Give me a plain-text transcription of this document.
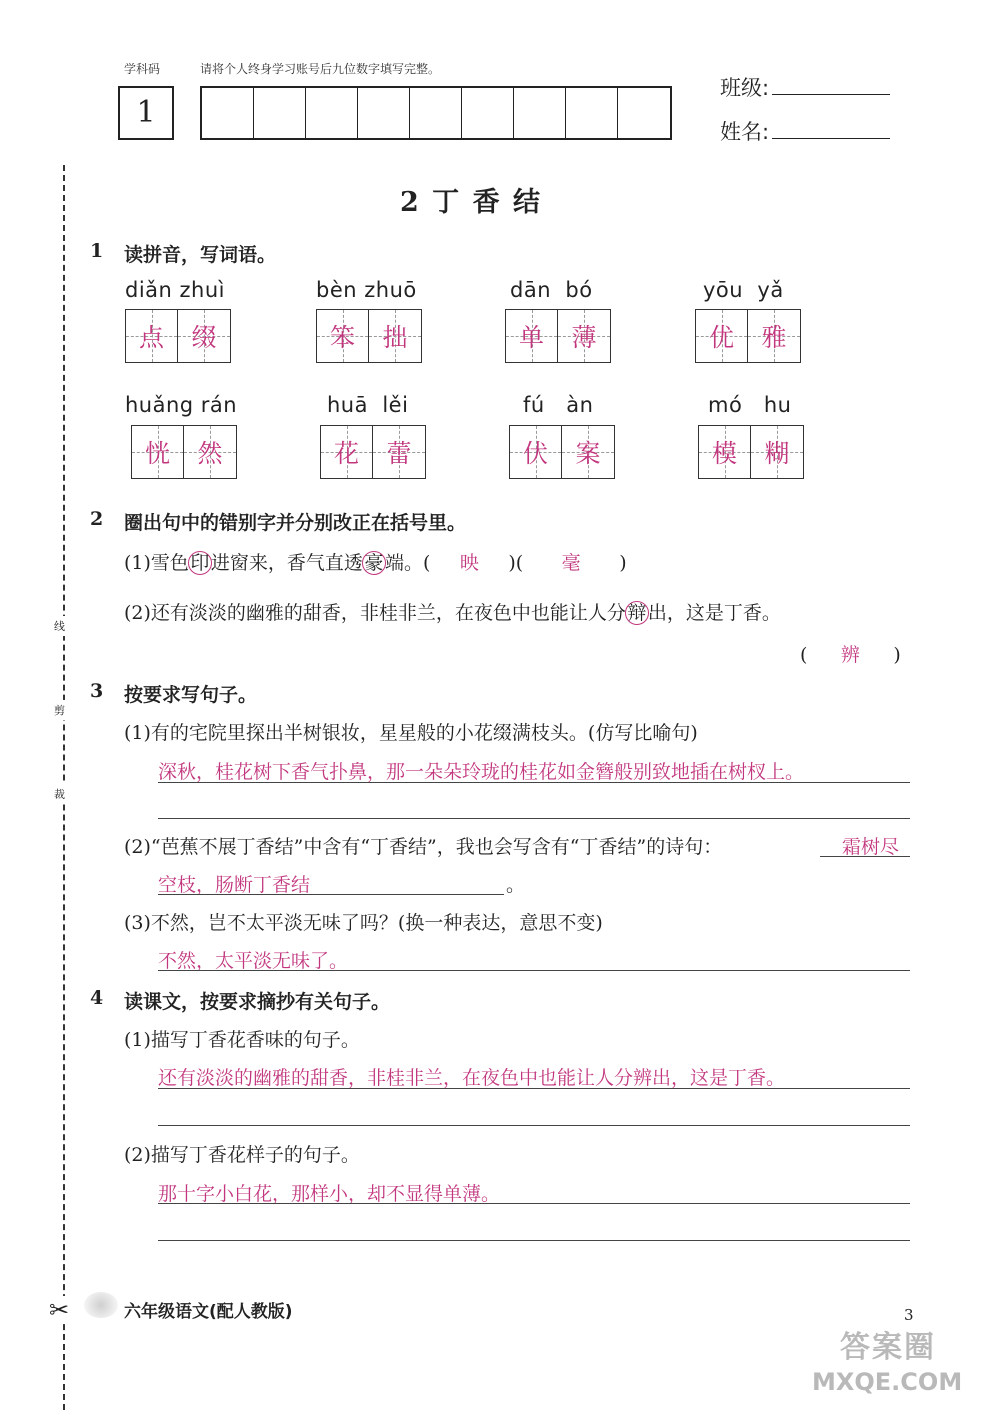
学科码	请将个人终身学习账号后九位数字填写完整。
1
班级:
姓名:
线
剪
裁
✂
2 丁 香 结
1 读拼音，写词语。
diǎn zhuì
点 缀
bèn zhuō
笨 拙
dān  bó
单 薄
yōu  yǎ
优 雅
huǎng rán
恍 然
huā  lěi
花 蕾
fú   àn
伏 案
mó   hu
模 糊
2 圈出句中的错别字并分别改正在括号里。
(1)雪色印进窗来，香气直透豪端。( 映 )( 毫 )
(2)还有淡淡的幽雅的甜香，非桂非兰，在夜色中也能让人分辩出，这是丁香。
( 辨 )
3 按要求写句子。
(1)有的宅院里探出半树银妆，星星般的小花缀满枝头。(仿写比喻句)
深秋，桂花树下香气扑鼻，那一朵朵玲珑的桂花如金簪般别致地插在树杈上。
(2)“芭蕉不展丁香结”中含有“丁香结”，我也会写含有“丁香结”的诗句：	霜树尽
空枝，肠断丁香结	。
(3)不然，岂不太平淡无味了吗？(换一种表达，意思不变)
不然，太平淡无味了。
4 读课文，按要求摘抄有关句子。
(1)描写丁香花香味的句子。
还有淡淡的幽雅的甜香，非桂非兰，在夜色中也能让人分辨出，这是丁香。
(2)描写丁香花样子的句子。
那十字小白花，那样小，却不显得单薄。
六年级语文(配人教版)	3
答案圈
MXQE.COM
